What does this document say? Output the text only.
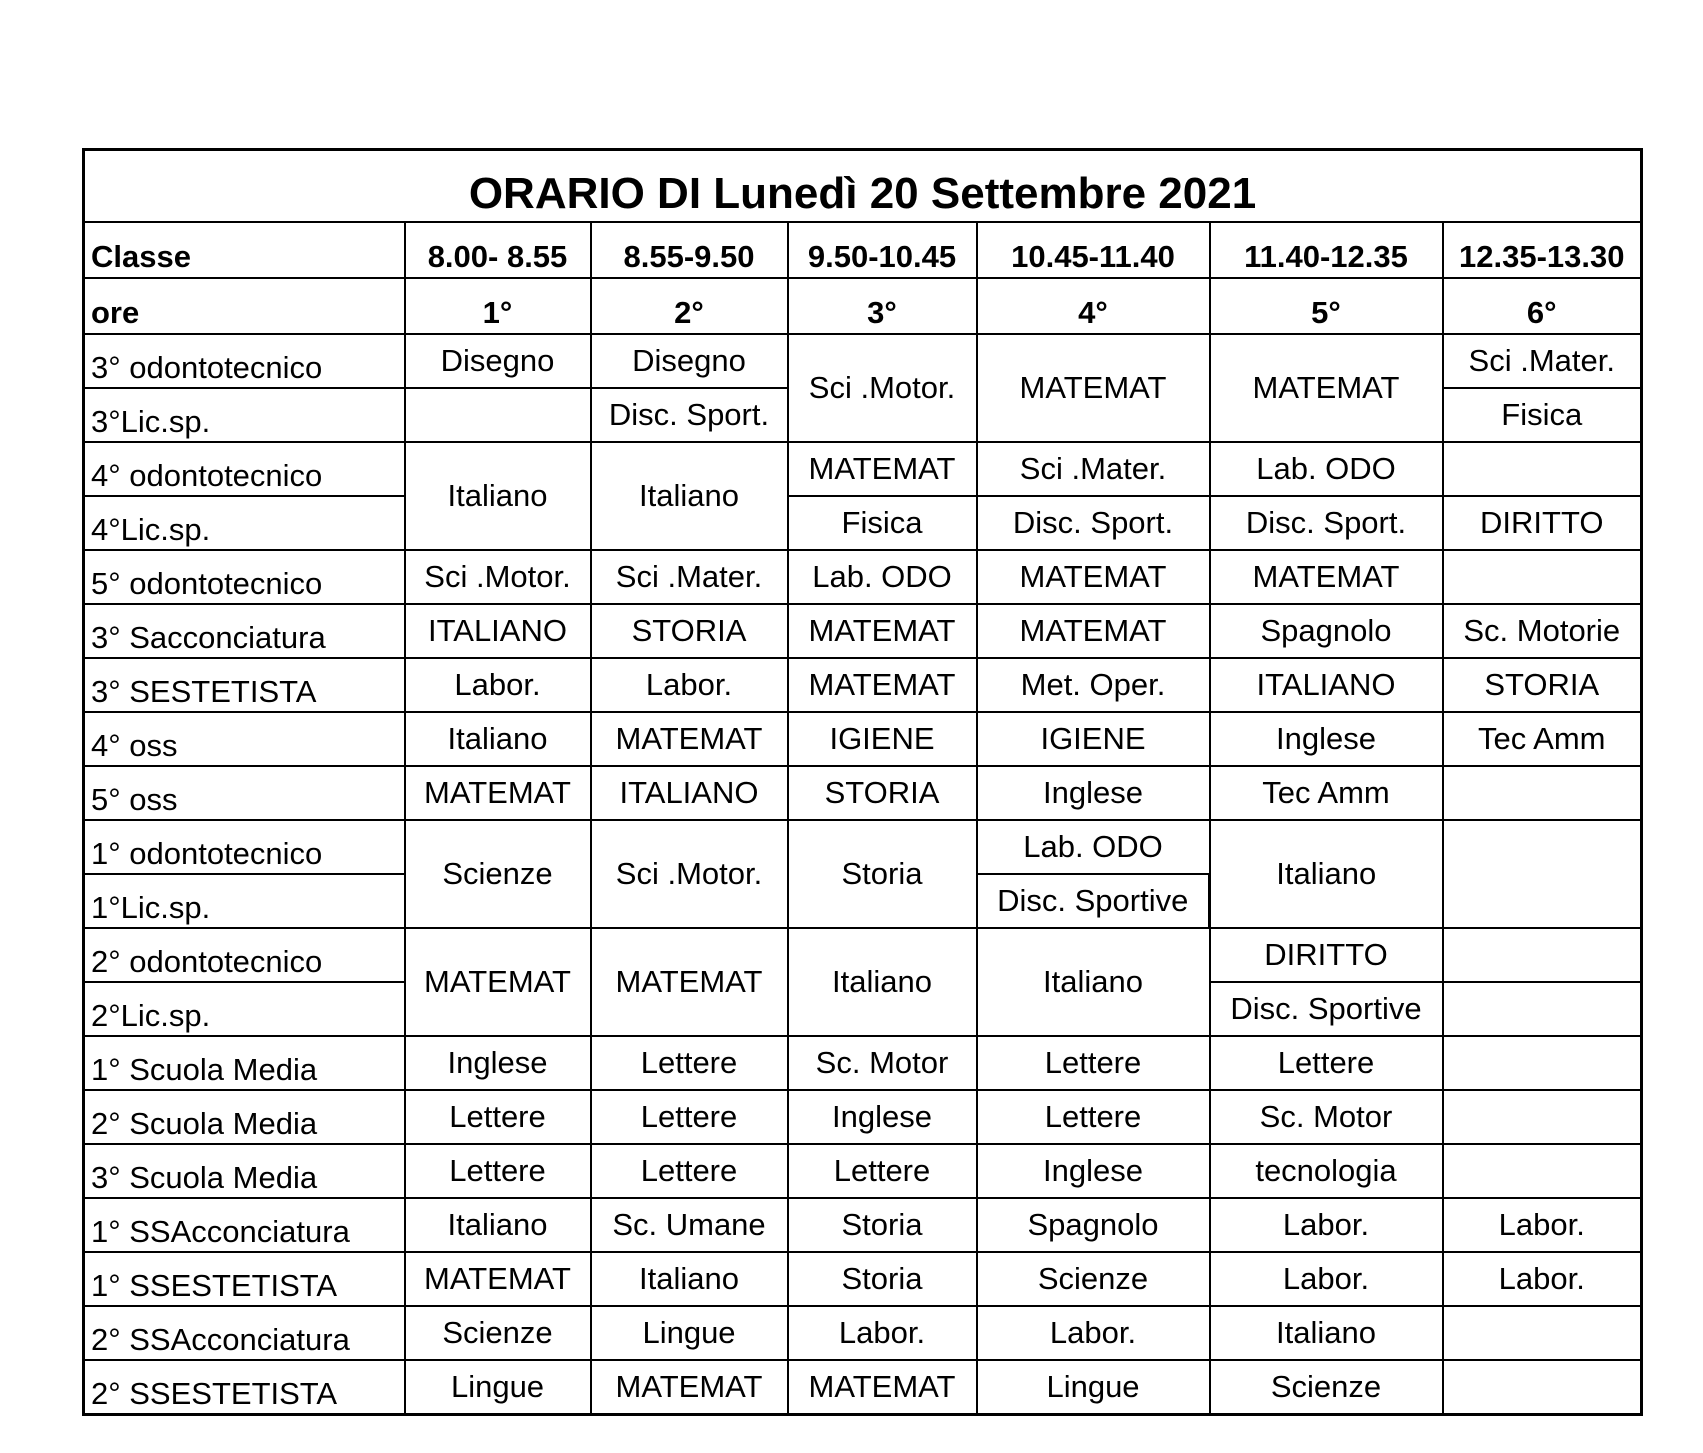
ORARIO DI Lunedì 20 Settembre 2021						
Classe	8.00- 8.55	8.55-9.50	9.50-10.45	10.45-11.40	11.40-12.35	12.35-13.30
ore	1°	2°	3°	4°	5°	6°
3° odontotecnico	Disegno	Disegno	Sci .Motor.	MATEMAT	MATEMAT	Sci .Mater.
3°Lic.sp.		Disc. Sport.				Fisica
4° odontotecnico	Italiano	Italiano	MATEMAT	Sci .Mater.	Lab. ODO	
4°Lic.sp.			Fisica	Disc. Sport.	Disc. Sport.	DIRITTO
5° odontotecnico	Sci .Motor.	Sci .Mater.	Lab. ODO	MATEMAT	MATEMAT	
3° Sacconciatura	ITALIANO	STORIA	MATEMAT	MATEMAT	Spagnolo	Sc. Motorie
3° SESTETISTA	Labor.	Labor.	MATEMAT	Met. Oper.	ITALIANO	STORIA
4° oss	Italiano	MATEMAT	IGIENE	IGIENE	Inglese	Tec Amm
5° oss	MATEMAT	ITALIANO	STORIA	Inglese	Tec Amm	
1° odontotecnico	Scienze	Sci .Motor.	Storia	Lab. ODO	Italiano	
1°Lic.sp.				Disc. Sportive		
2° odontotecnico	MATEMAT	MATEMAT	Italiano	Italiano	DIRITTO	
2°Lic.sp.					Disc. Sportive	
1° Scuola Media	Inglese	Lettere	Sc. Motor	Lettere	Lettere	
2° Scuola Media	Lettere	Lettere	Inglese	Lettere	Sc. Motor	
3° Scuola Media	Lettere	Lettere	Lettere	Inglese	tecnologia	
1° SSAcconciatura	Italiano	Sc. Umane	Storia	Spagnolo	Labor.	Labor.
1° SSESTETISTA	MATEMAT	Italiano	Storia	Scienze	Labor.	Labor.
2° SSAcconciatura	Scienze	Lingue	Labor.	Labor.	Italiano	
2° SSESTETISTA	Lingue	MATEMAT	MATEMAT	Lingue	Scienze	
